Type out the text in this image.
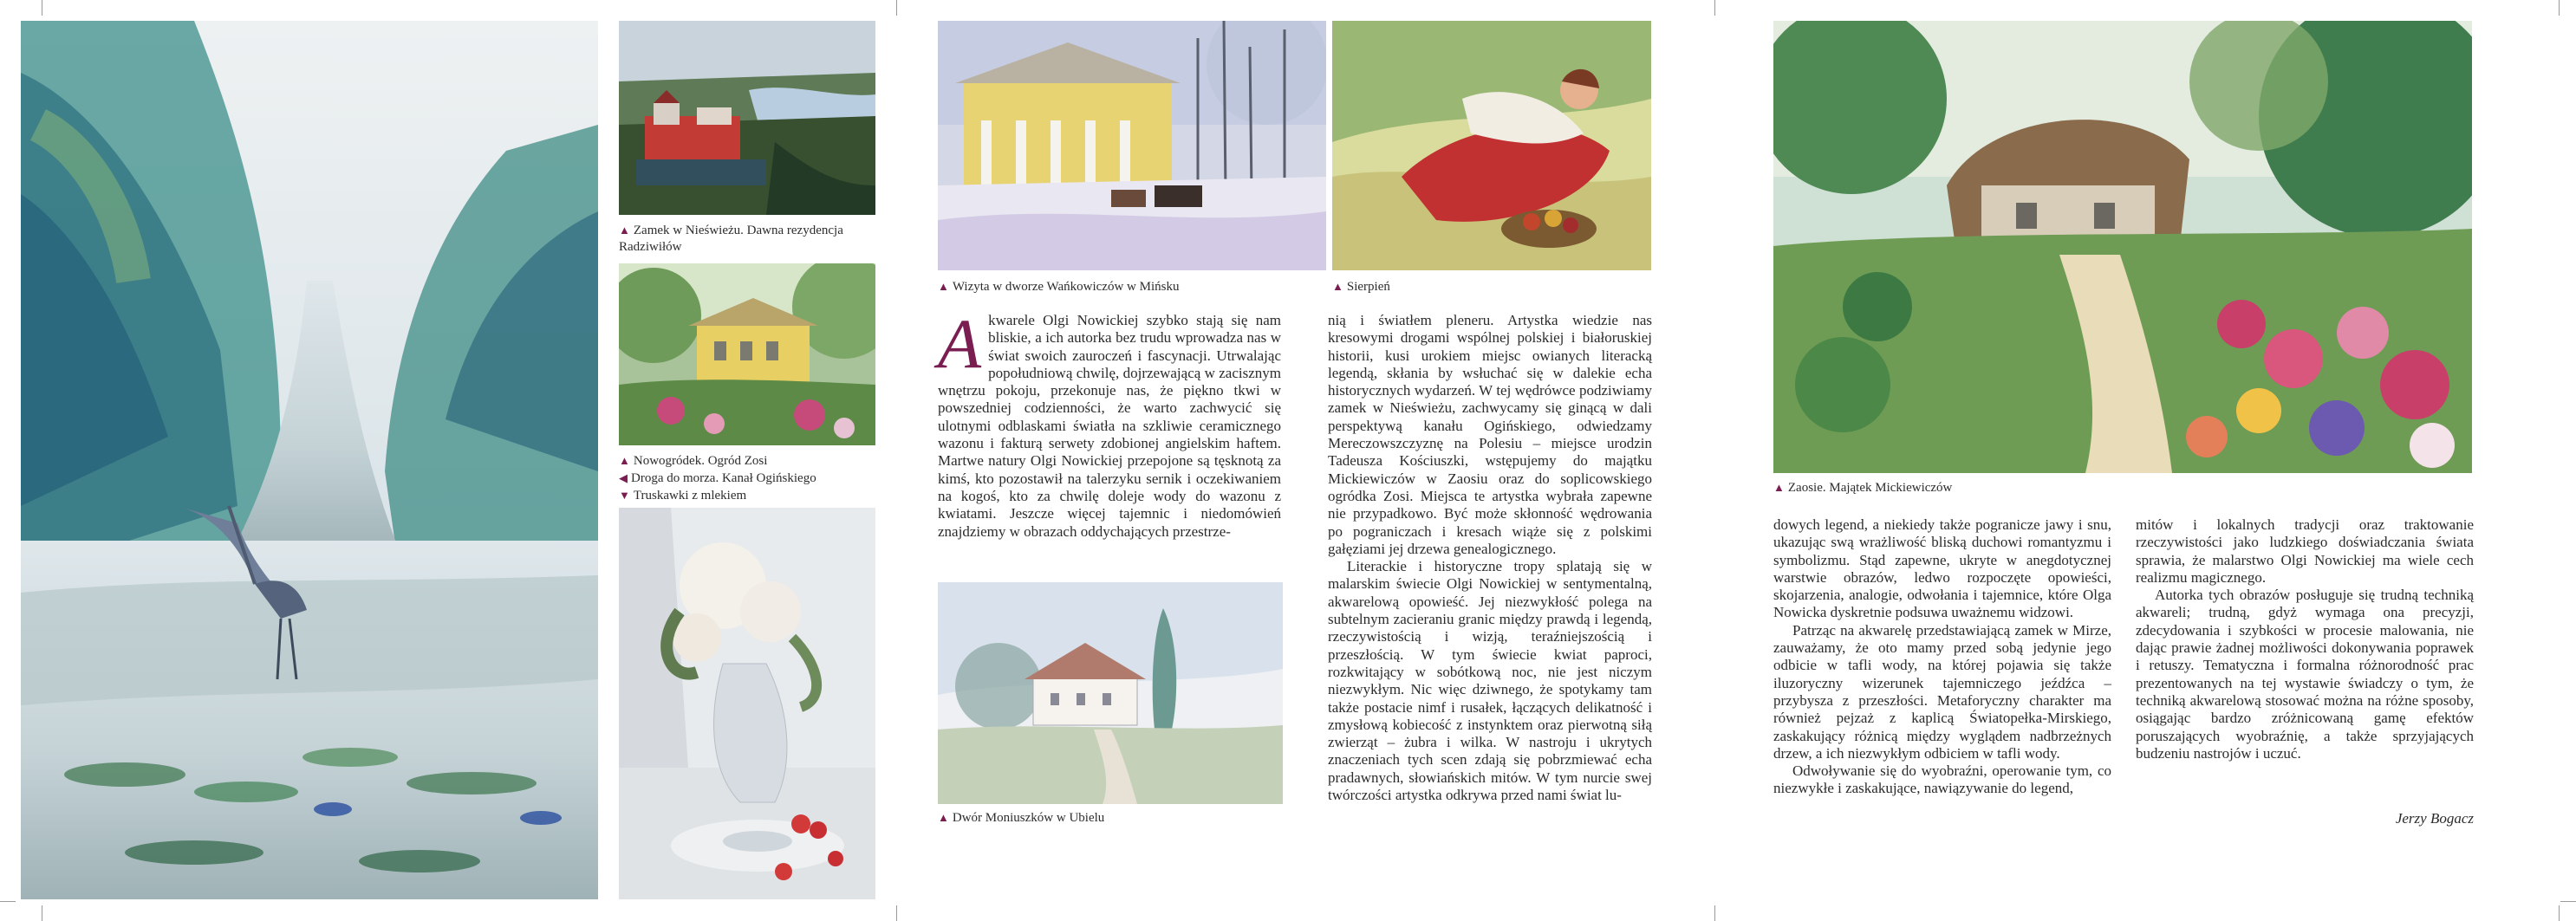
▲ Zamek w Nieświeżu. Dawna rezydencja Radziwiłów
▲ Nowogródek. Ogród Zosi
◀ Droga do morza. Kanał Ogińskiego
▼ Truskawki z mlekiem
▲ Wizyta w dworze Wańkowiczów w Mińsku	▲ Sierpień
A kwarele Olgi Nowickiej szybko stają się nam bliskie, a ich autorka bez trudu wprowadza nas w świat swoich zauroczeń i fascynacji. Utrwalając popołudniową chwilę, dojrzewającą w zacisznym wnętrzu pokoju, przekonuje nas, że piękno tkwi w powszedniej codzienności, że warto zachwycić się ulotnymi odblaskami światła na szkliwie ceramicznego wazonu i fakturą serwety zdobionej angielskim haftem. Martwe natury Olgi Nowickiej przepojone są tęsknotą za kimś, kto pozostawił na talerzyku sernik i oczekiwaniem na kogoś, kto za chwilę doleje wody do wazonu z kwiatami. Jeszcze więcej tajemnic i niedomówień znajdziemy w obrazach oddychających przestrze-

▲ Dwór Moniuszków w Ubielu

nią i światłem pleneru. Artystka wiedzie nas kresowymi drogami wspólnej polskiej i białoruskiej historii, kusi urokiem miejsc owianych literacką legendą, skłania by wsłuchać się w dalekie echa historycznych wydarzeń. W tej wędrówce podziwiamy zamek w Nieświeżu, zachwycamy się ginącą w dali perspektywą kanału Ogińskiego, odwiedzamy Mereczowszczyznę na Polesiu – miejsce urodzin Tadeusza Kościuszki, wstępujemy do majątku Mickiewiczów w Zaosiu oraz do soplicowskiego ogródka Zosi. Miejsca te artystka wybrała zapewne nie przypadkowo. Być może skłonność wędrowania po pograniczach i kresach wiąże się z polskimi gałęziami jej drzewa genealogicznego.

Literackie i historyczne tropy splatają się w malarskim świecie Olgi Nowickiej w sentymentalną, akwarelową opowieść. Jej niezwykłość polega na subtelnym zacieraniu granic między prawdą i legendą, rzeczywistością i wizją, teraźniejszością i przeszłością. W tym świecie kwiat paproci, rozkwitający w sobótkową noc, nie jest niczym niezwykłym. Nic więc dziwnego, że spotykamy tam także postacie nimf i rusałek, łączących delikatność i zmysłową kobiecość z instynktem oraz pierwotną siłą zwierząt – żubra i wilka. W nastroju i ukrytych znaczeniach tych scen zdają się pobrzmiewać echa pradawnych, słowiańskich mitów. W tym nurcie swej twórczości artystka odkrywa przed nami świat lu-

▲ Zaosie. Majątek Mickiewiczów

dowych legend, a niekiedy także pogranicze jawy i snu, ukazując swą wrażliwość bliską duchowi romantyzmu i symbolizmu. Stąd zapewne, ukryte w anegdotycznej warstwie obrazów, ledwo rozpoczęte opowieści, skojarzenia, analogie, odwołania i tajemnice, które Olga Nowicka dyskretnie podsuwa uważnemu widzowi.

Patrząc na akwarelę przedstawiającą zamek w Mirze, zauważamy, że oto mamy przed sobą jedynie jego odbicie w tafli wody, na której pojawia się także iluzoryczny wizerunek tajemniczego jeźdźca – przybysza z przeszłości. Metaforyczny charakter ma również pejzaż z kaplicą Światopełka-Mirskiego, zaskakujący różnicą między wyglądem nadbrzeżnych drzew, a ich niezwykłym odbiciem w tafli wody.

Odwoływanie się do wyobraźni, operowanie tym, co niezwykłe i zaskakujące, nawiązywanie do legend,

mitów i lokalnych tradycji oraz traktowanie rzeczywistości jako ludzkiego doświadczania świata sprawia, że malarstwo Olgi Nowickiej ma wiele cech realizmu magicznego.

Autorka tych obrazów posługuje się trudną techniką akwareli; trudną, gdyż wymaga ona precyzji, zdecydowania i szybkości w procesie malowania, nie dając prawie żadnej możliwości dokonywania poprawek i retuszy. Tematyczna i formalna różnorodność prac prezentowanych na tej wystawie świadczy o tym, że techniką akwarelową stosować można na różne sposoby, osiągając bardzo zróżnicowaną gamę efektów poruszających wyobraźnię, a także sprzyjających budzeniu nastrojów i uczuć.

Jerzy Bogacz
